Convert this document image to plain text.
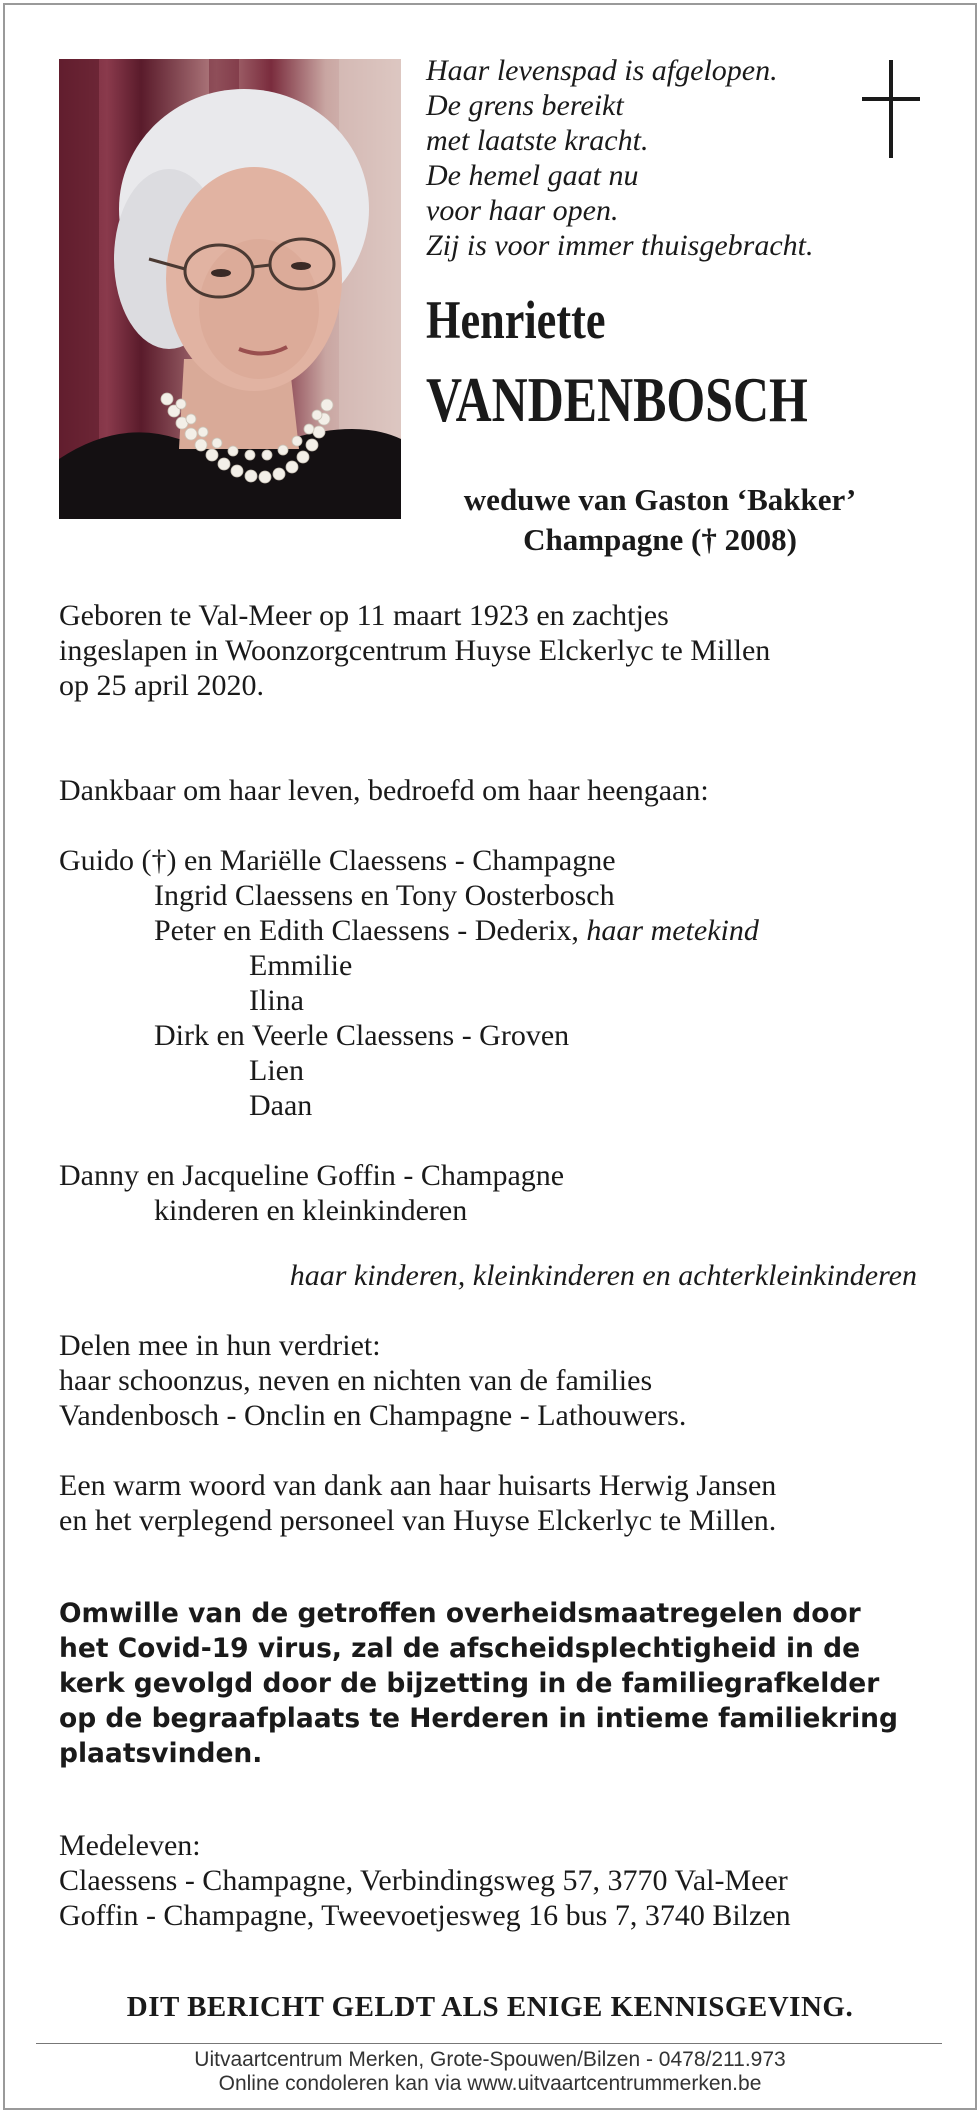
Haar levenspad is afgelopen.
De grens bereikt
met laatste kracht.
De hemel gaat nu
voor haar open.
Zij is voor immer thuisgebracht.
Henriette
VANDENBOSCH
weduwe van Gaston ‘Bakker’
Champagne († 2008)
Geboren te Val-Meer op 11 maart 1923 en zachtjes
ingeslapen in Woonzorgcentrum Huyse Elckerlyc te Millen
op 25 april 2020.
Dankbaar om haar leven, bedroefd om haar heengaan:
Guido (†) en Mariëlle Claessens - Champagne
Ingrid Claessens en Tony Oosterbosch
Peter en Edith Claessens - Dederix, haar metekind
Emmilie
Ilina
Dirk en Veerle Claessens - Groven
Lien
Daan
Danny en Jacqueline Goffin - Champagne
kinderen en kleinkinderen
haar kinderen, kleinkinderen en achterkleinkinderen
Delen mee in hun verdriet:
haar schoonzus, neven en nichten van de families
Vandenbosch - Onclin en Champagne - Lathouwers.
Een warm woord van dank aan haar huisarts Herwig Jansen
en het verplegend personeel van Huyse Elckerlyc te Millen.
Omwille van de getroffen overheidsmaatregelen door
het Covid-19 virus, zal de afscheidsplechtigheid in de
kerk gevolgd door de bijzetting in de familiegrafkelder
op de begraafplaats te Herderen in intieme familiekring
plaatsvinden.
Medeleven:
Claessens - Champagne, Verbindingsweg 57, 3770 Val-Meer
Goffin - Champagne, Tweevoetjesweg 16 bus 7, 3740 Bilzen
DIT BERICHT GELDT ALS ENIGE KENNISGEVING.
Uitvaartcentrum Merken, Grote-Spouwen/Bilzen - 0478/211.973
Online condoleren kan via www.uitvaartcentrummerken.be
